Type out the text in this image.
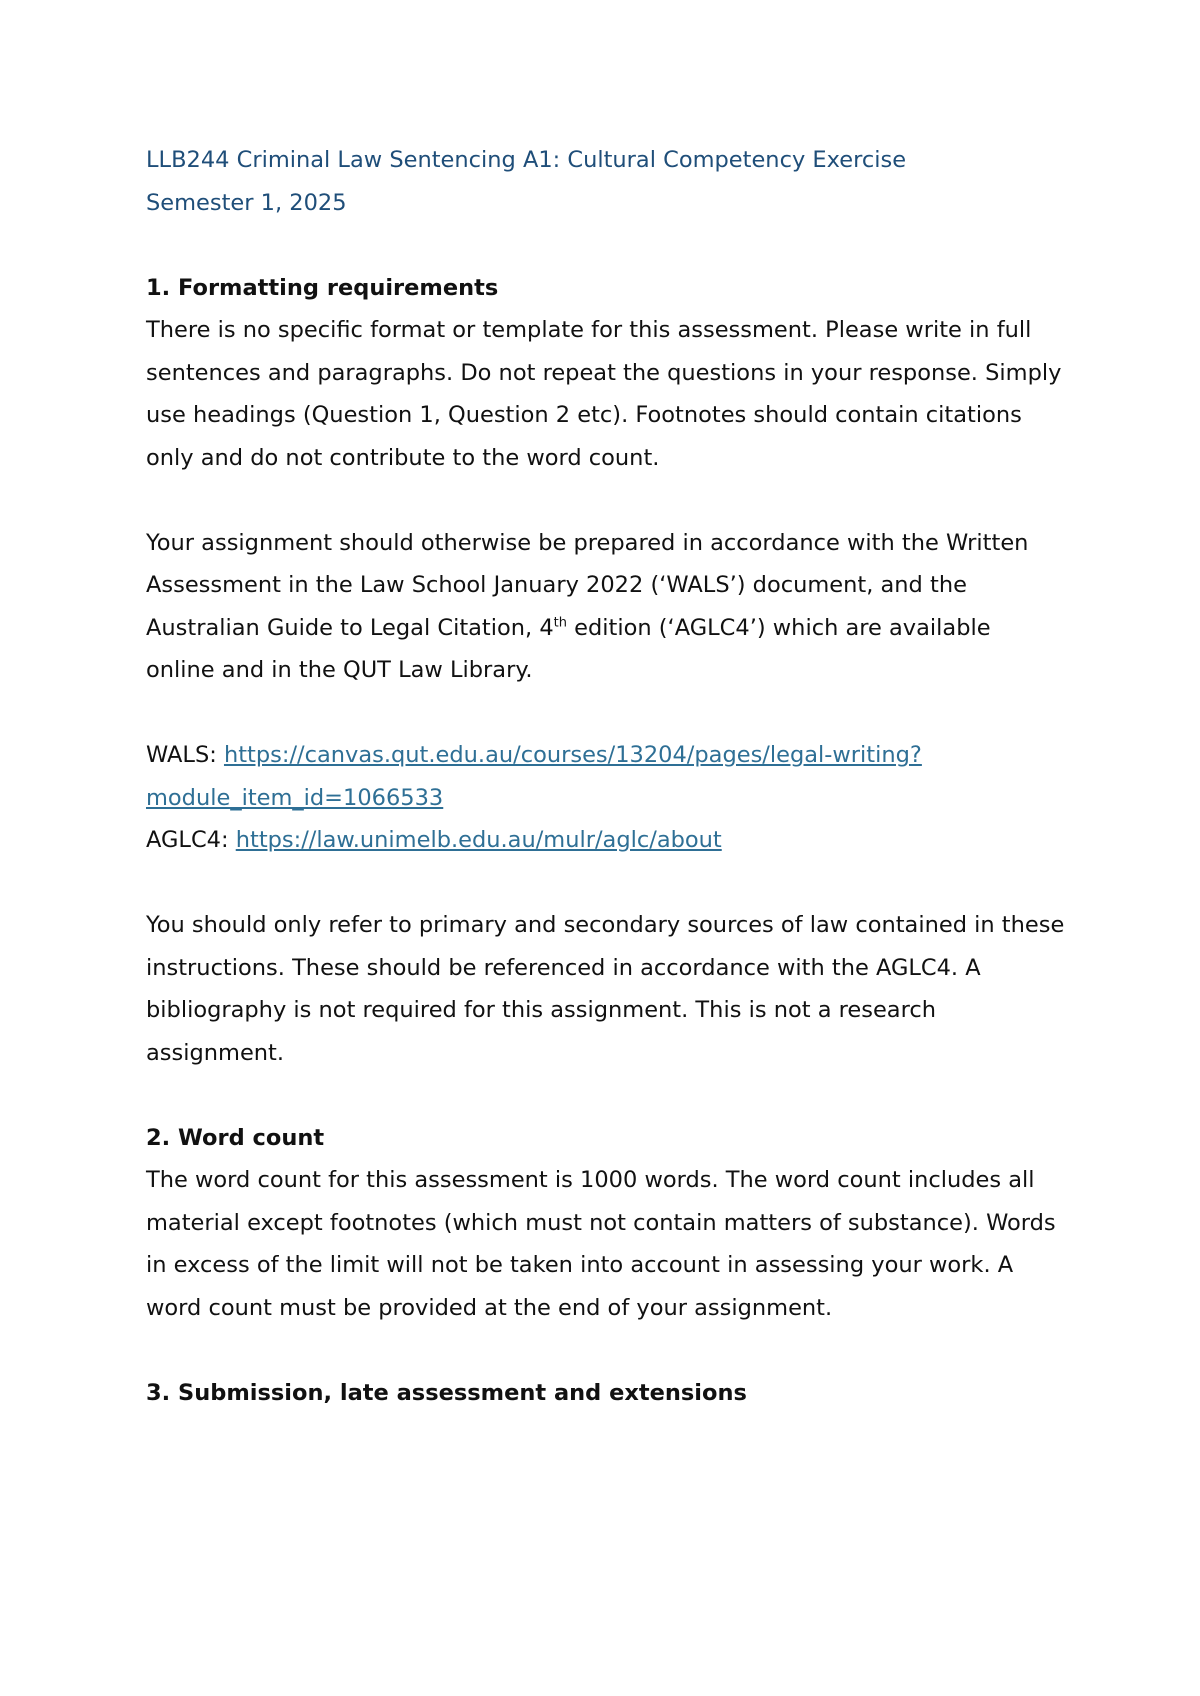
LLB244 Criminal Law Sentencing A1: Cultural Competency Exercise

Semester 1, 2025

1. Formatting requirements

There is no specific format or template for this assessment. Please write in full sentences and paragraphs. Do not repeat the questions in your response. Simply use headings (Question 1, Question 2 etc). Footnotes should contain citations only and do not contribute to the word count.

Your assignment should otherwise be prepared in accordance with the Written Assessment in the Law School January 2022 (‘WALS’) document, and the Australian Guide to Legal Citation, 4th edition (‘AGLC4’) which are available online and in the QUT Law Library.

WALS: https://canvas.qut.edu.au/courses/13204/pages/legal-writing?module_item_id=1066533

AGLC4: https://law.unimelb.edu.au/mulr/aglc/about

You should only refer to primary and secondary sources of law contained in these instructions. These should be referenced in accordance with the AGLC4. A bibliography is not required for this assignment. This is not a research assignment.

2. Word count

The word count for this assessment is 1000 words. The word count includes all material except footnotes (which must not contain matters of substance). Words in excess of the limit will not be taken into account in assessing your work. A word count must be provided at the end of your assignment.

3. Submission, late assessment and extensions
